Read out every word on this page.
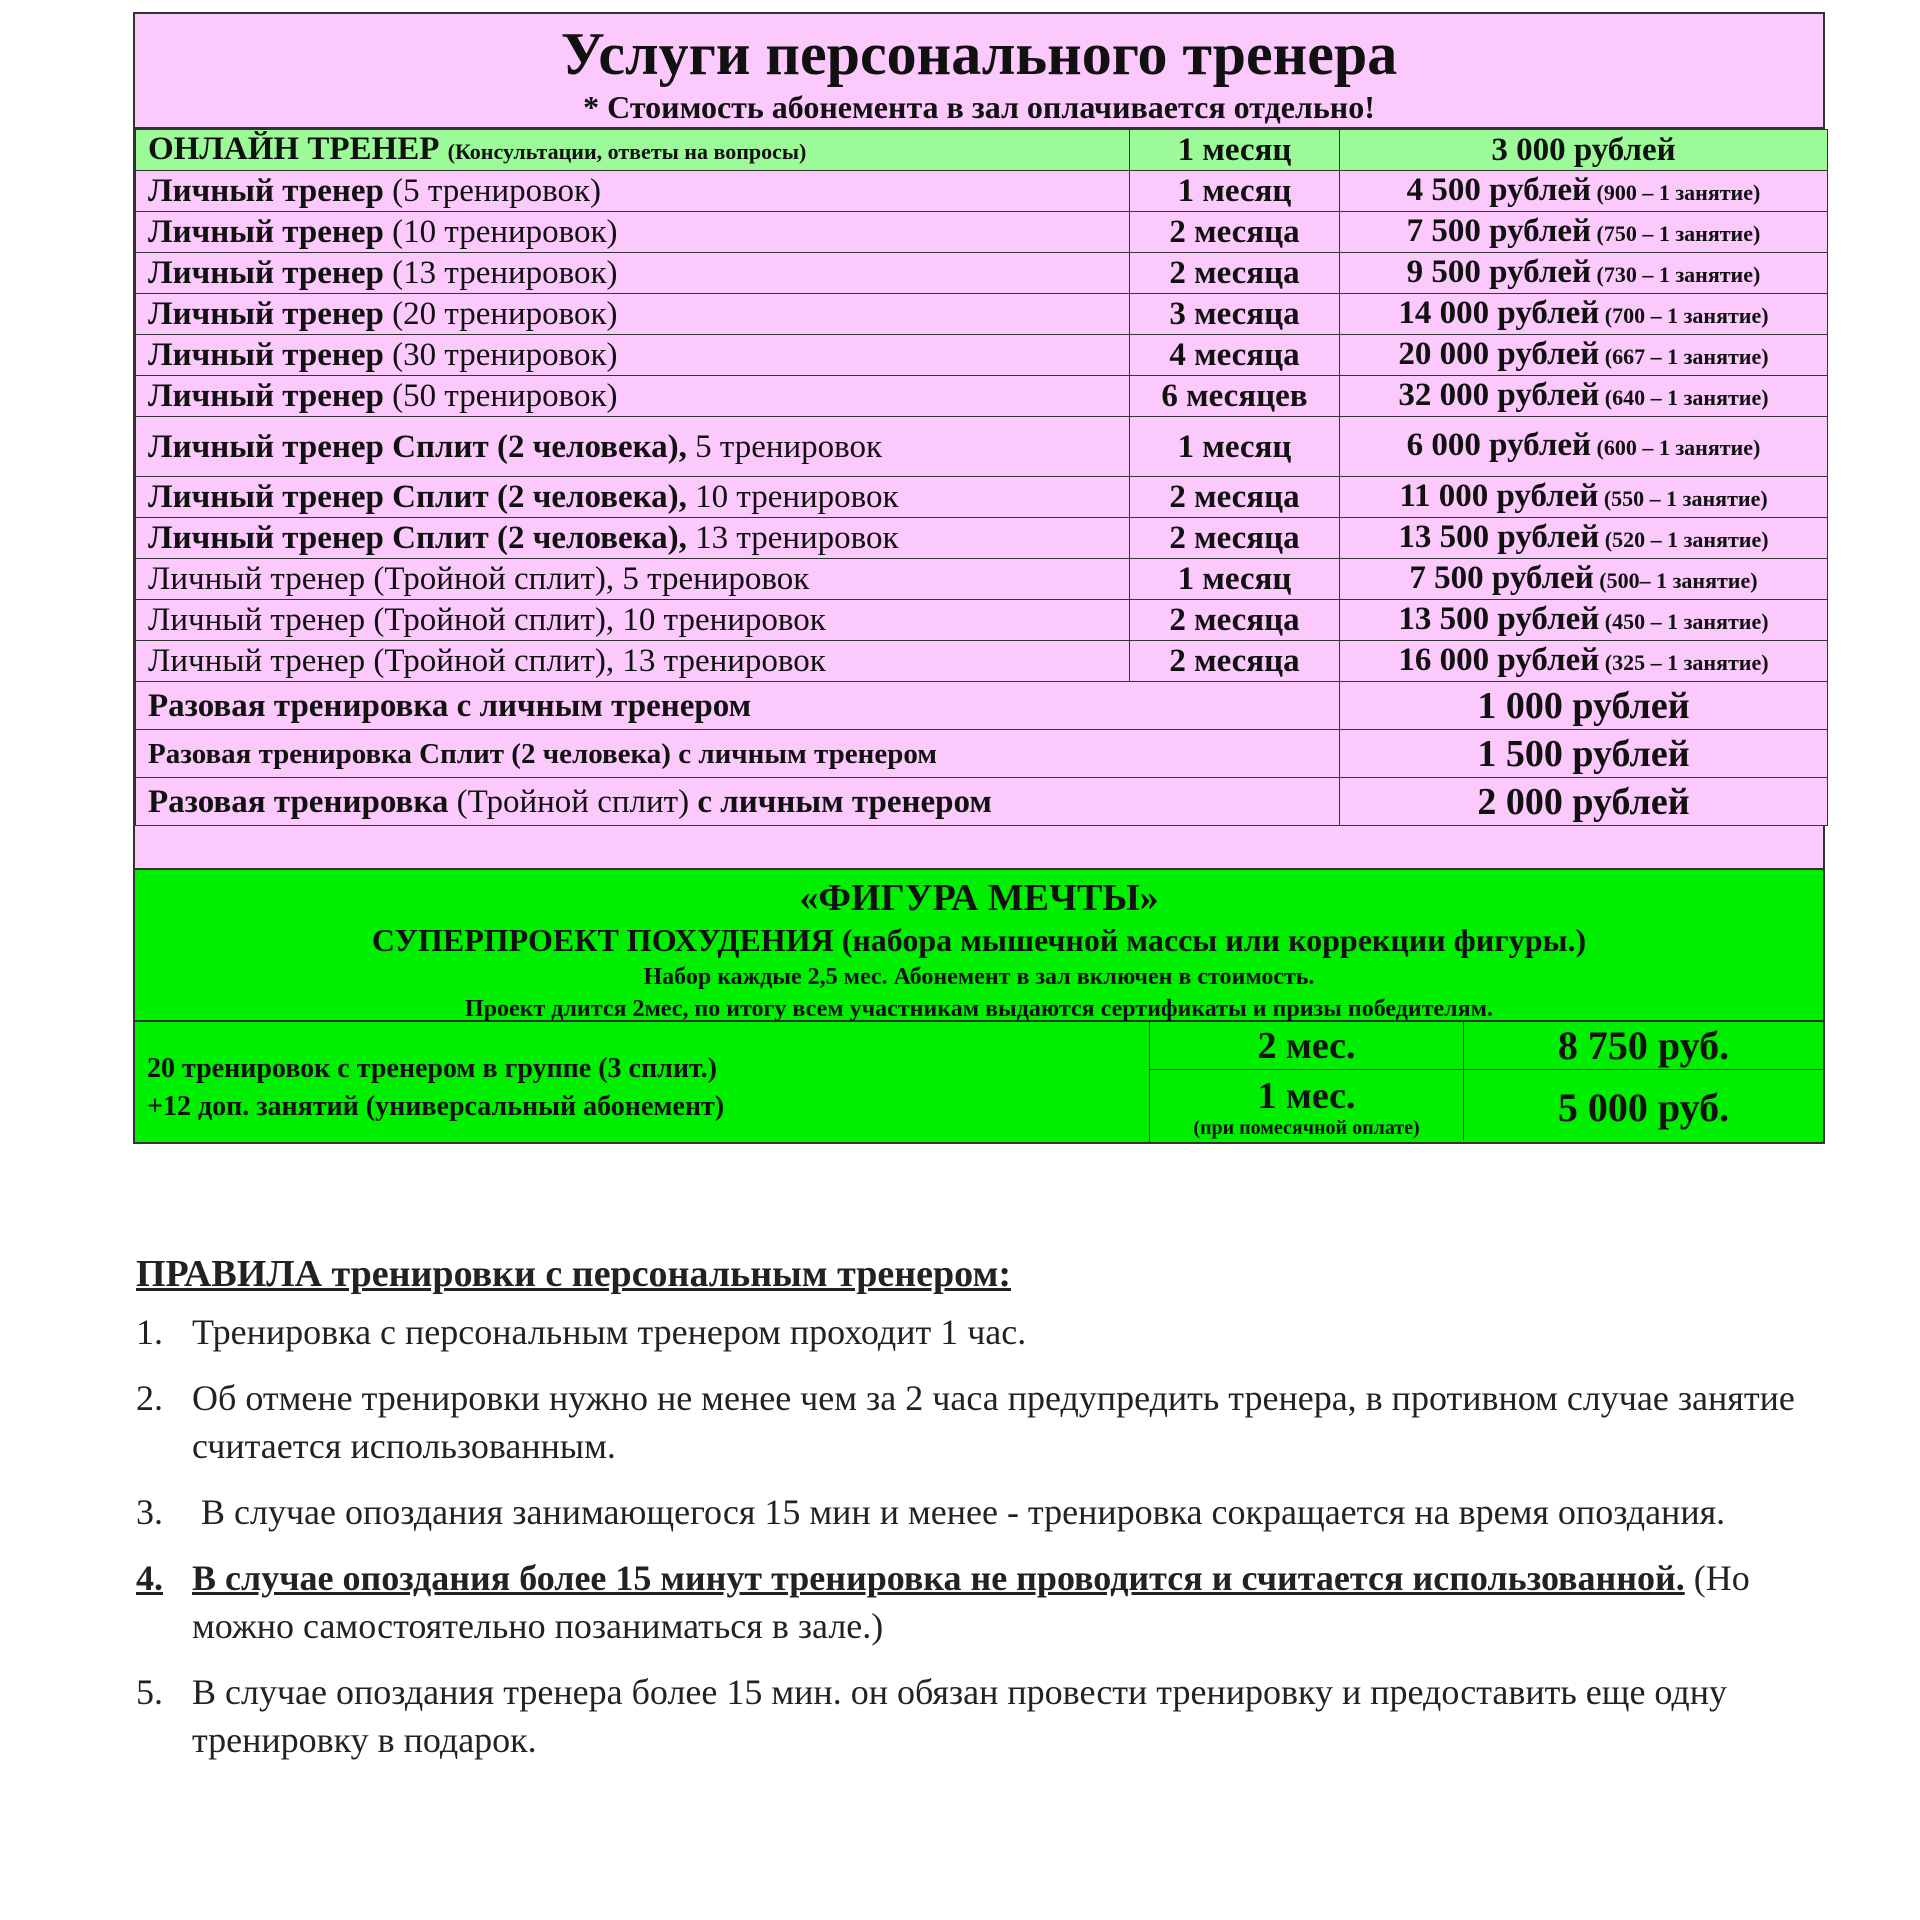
Услуги персонального тренера
* Стоимость абонемента в зал оплачивается отдельно!
ОНЛАЙН ТРЕНЕР (Консультации, ответы на вопросы)	1 месяц	3 000 рублей
Личный тренер (5 тренировок)	1 месяц	4 500 рублей (900 – 1 занятие)
Личный тренер (10 тренировок)	2 месяца	7 500 рублей (750 – 1 занятие)
Личный тренер (13 тренировок)	2 месяца	9 500 рублей (730 – 1 занятие)
Личный тренер (20 тренировок)	3 месяца	14 000 рублей (700 – 1 занятие)
Личный тренер (30 тренировок)	4 месяца	20 000 рублей (667 – 1 занятие)
Личный тренер (50 тренировок)	6 месяцев	32 000 рублей (640 – 1 занятие)
Личный тренер Сплит (2 человека), 5 тренировок	1 месяц	6 000 рублей (600 – 1 занятие)
Личный тренер Сплит (2 человека), 10 тренировок	2 месяца	11 000 рублей (550 – 1 занятие)
Личный тренер Сплит (2 человека), 13 тренировок	2 месяца	13 500 рублей (520 – 1 занятие)
Личный тренер (Тройной сплит), 5 тренировок	1 месяц	7 500 рублей (500– 1 занятие)
Личный тренер (Тройной сплит), 10 тренировок	2 месяца	13 500 рублей (450 – 1 занятие)
Личный тренер (Тройной сплит), 13 тренировок	2 месяца	16 000 рублей (325 – 1 занятие)
Разовая тренировка с личным тренером		1 000 рублей
Разовая тренировка Сплит (2 человека) с личным тренером		1 500 рублей
Разовая тренировка (Тройной сплит) с личным тренером		2 000 рублей
«ФИГУРА МЕЧТЫ»
СУПЕРПРОЕКТ ПОХУДЕНИЯ (набора мышечной массы или коррекции фигуры.)
Набор каждые 2,5 мес. Абонемент в зал включен в стоимость.
Проект длится 2мес, по итогу всем участникам выдаются сертификаты и призы победителям.
20 тренировок с тренером в группе (3 сплит.)
+12 доп. занятий (универсальный абонемент)
2 мес.	8 750 руб.
1 мес.
(при помесячной оплате)	5 000 руб.
ПРАВИЛА тренировки с персональным тренером:
1. Тренировка с персональным тренером проходит 1 час.
2. Об отмене тренировки нужно не менее чем за 2 часа предупредить тренера, в противном случае занятие считается использованным.
3. В случае опоздания занимающегося 15 мин и менее - тренировка сокращается на время опоздания.
4. В случае опоздания более 15 минут тренировка не проводится и считается использованной. (Но можно самостоятельно позаниматься в зале.)
5. В случае опоздания тренера более 15 мин. он обязан провести тренировку и предоставить еще одну тренировку в подарок.
